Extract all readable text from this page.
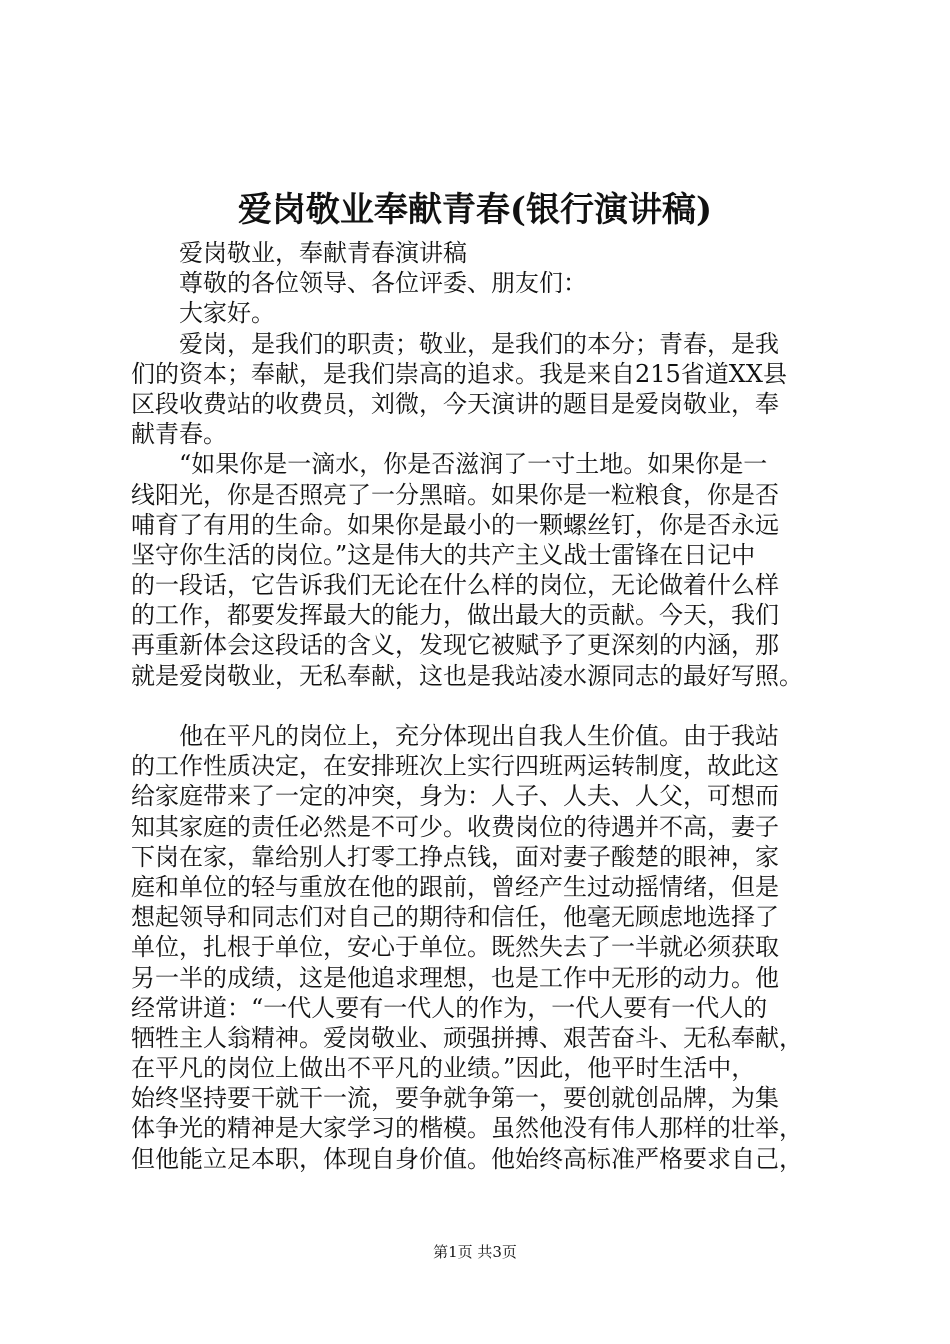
爱岗敬业奉献青春(银行演讲稿)
爱岗敬业，奉献青春演讲稿
尊敬的各位领导、各位评委、朋友们：
大家好。
爱岗，是我们的职责；敬业，是我们的本分；青春，是我
们的资本；奉献，是我们崇高的追求。我是来自215省道XX县
区段收费站的收费员，刘微，今天演讲的题目是爱岗敬业，奉
献青春。
“如果你是一滴水，你是否滋润了一寸土地。如果你是一
线阳光，你是否照亮了一分黑暗。如果你是一粒粮食，你是否
哺育了有用的生命。如果你是最小的一颗螺丝钉，你是否永远
坚守你生活的岗位。”这是伟大的共产主义战士雷锋在日记中
的一段话，它告诉我们无论在什么样的岗位，无论做着什么样
的工作，都要发挥最大的能力，做出最大的贡献。今天，我们
再重新体会这段话的含义，发现它被赋予了更深刻的内涵，那
就是爱岗敬业，无私奉献，这也是我站凌水源同志的最好写照。
他在平凡的岗位上，充分体现出自我人生价值。由于我站
的工作性质决定，在安排班次上实行四班两运转制度，故此这
给家庭带来了一定的冲突，身为：人子、人夫、人父，可想而
知其家庭的责任必然是不可少。收费岗位的待遇并不高，妻子
下岗在家，靠给别人打零工挣点钱，面对妻子酸楚的眼神，家
庭和单位的轻与重放在他的跟前，曾经产生过动摇情绪，但是
想起领导和同志们对自己的期待和信任，他毫无顾虑地选择了
单位，扎根于单位，安心于单位。既然失去了一半就必须获取
另一半的成绩，这是他追求理想，也是工作中无形的动力。他
经常讲道：“一代人要有一代人的作为，一代人要有一代人的
牺牲主人翁精神。爱岗敬业、顽强拼搏、艰苦奋斗、无私奉献，
在平凡的岗位上做出不平凡的业绩。”因此，他平时生活中，
始终坚持要干就干一流，要争就争第一，要创就创品牌，为集
体争光的精神是大家学习的楷模。虽然他没有伟人那样的壮举，
但他能立足本职，体现自身价值。他始终高标准严格要求自己，
第1页 共3页
